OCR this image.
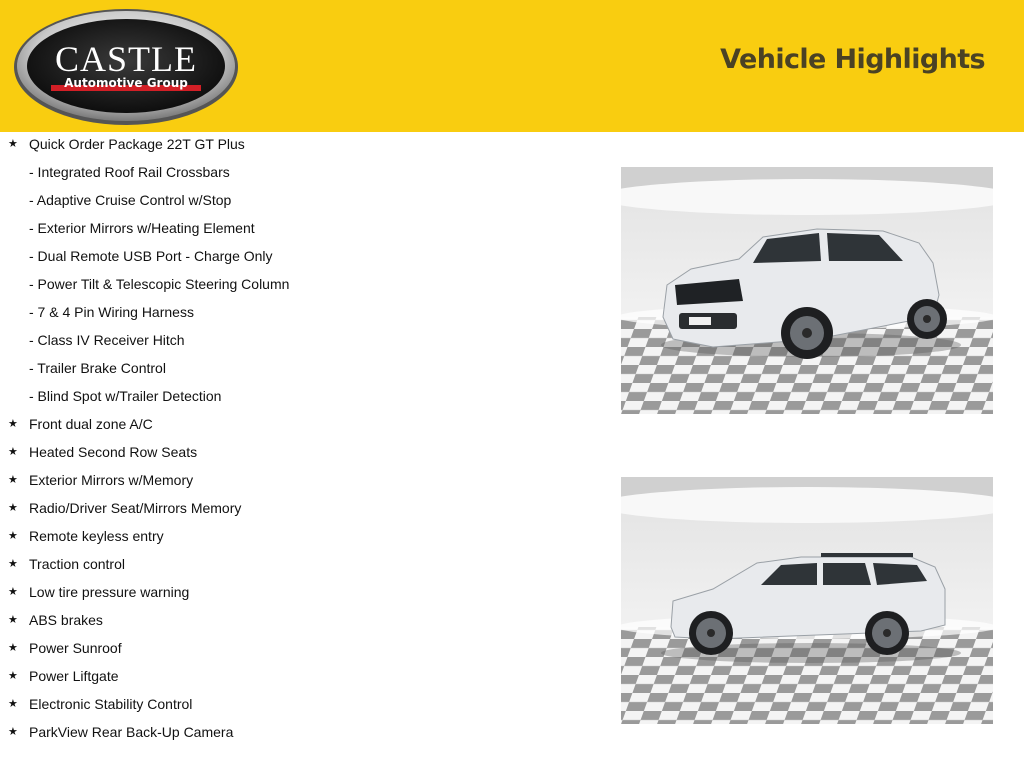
CASTLE
Automotive Group
Vehicle Highlights
★ Quick Order Package 22T GT Plus
- Integrated Roof Rail Crossbars
- Adaptive Cruise Control w/Stop
- Exterior Mirrors w/Heating Element
- Dual Remote USB Port - Charge Only
- Power Tilt & Telescopic Steering Column
- 7 & 4 Pin Wiring Harness
- Class IV Receiver Hitch
- Trailer Brake Control
- Blind Spot w/Trailer Detection
★ Front dual zone A/C
★ Heated Second Row Seats
★ Exterior Mirrors w/Memory
★ Radio/Driver Seat/Mirrors Memory
★ Remote keyless entry
★ Traction control
★ Low tire pressure warning
★ ABS brakes
★ Power Sunroof
★ Power Liftgate
★ Electronic Stability Control
★ ParkView Rear Back-Up Camera
